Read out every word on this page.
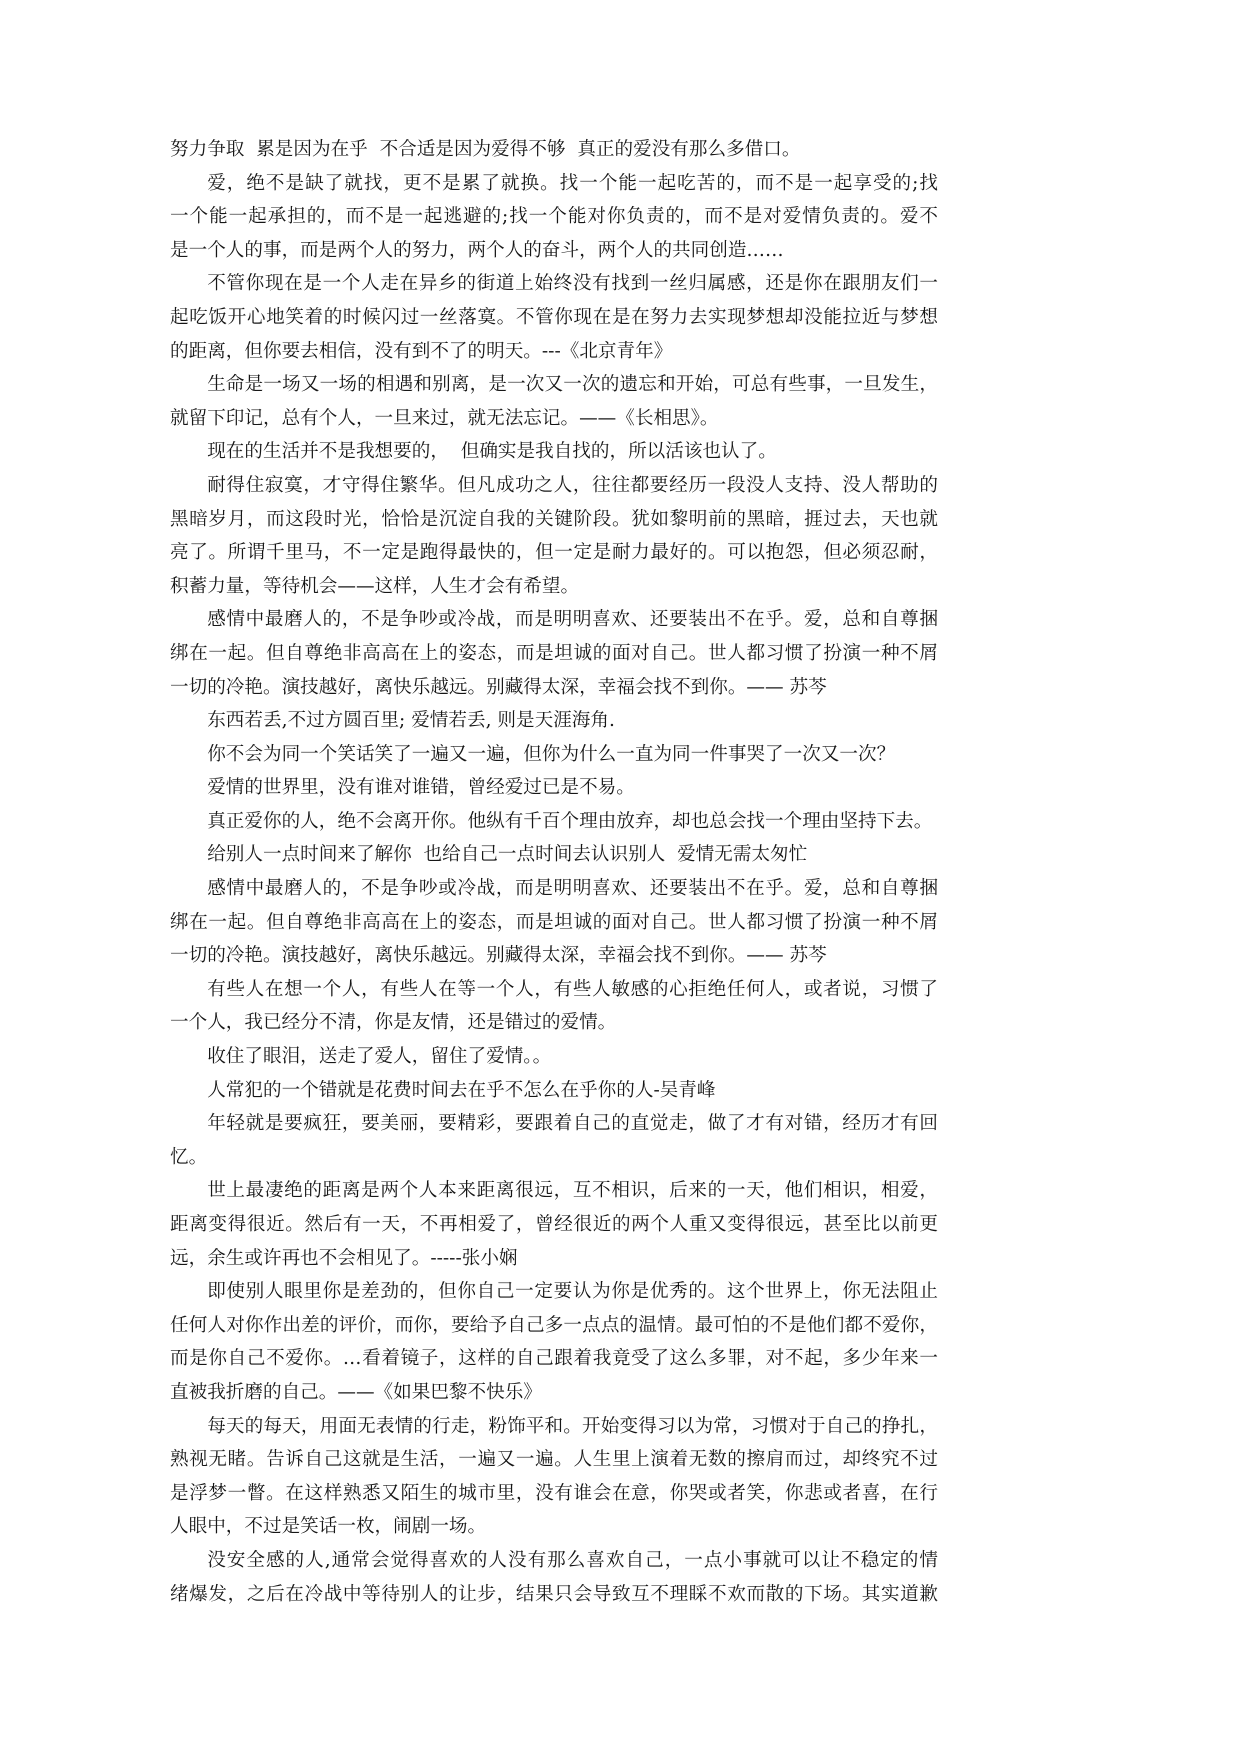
努力争取  累是因为在乎  不合适是因为爱得不够  真正的爱没有那么多借口。
爱，绝不是缺了就找，更不是累了就换。找一个能一起吃苦的，而不是一起享受的;找
一个能一起承担的，而不是一起逃避的;找一个能对你负责的，而不是对爱情负责的。爱不
是一个人的事，而是两个人的努力，两个人的奋斗，两个人的共同创造……
不管你现在是一个人走在异乡的街道上始终没有找到一丝归属感，还是你在跟朋友们一
起吃饭开心地笑着的时候闪过一丝落寞。不管你现在是在努力去实现梦想却没能拉近与梦想
的距离，但你要去相信，没有到不了的明天。---《北京青年》
生命是一场又一场的相遇和别离，是一次又一次的遗忘和开始，可总有些事，一旦发生，
就留下印记，总有个人，一旦来过，就无法忘记。——《长相思》。
现在的生活并不是我想要的，  但确实是我自找的，所以活该也认了。
耐得住寂寞，才守得住繁华。但凡成功之人，往往都要经历一段没人支持、没人帮助的
黑暗岁月，而这段时光，恰恰是沉淀自我的关键阶段。犹如黎明前的黑暗，捱过去，天也就
亮了。所谓千里马，不一定是跑得最快的，但一定是耐力最好的。可以抱怨，但必须忍耐，
积蓄力量，等待机会——这样，人生才会有希望。
感情中最磨人的，不是争吵或冷战，而是明明喜欢、还要装出不在乎。爱，总和自尊捆
绑在一起。但自尊绝非高高在上的姿态，而是坦诚的面对自己。世人都习惯了扮演一种不屑
一切的冷艳。演技越好，离快乐越远。别藏得太深，幸福会找不到你。—— 苏芩
东西若丢,不过方圆百里; 爱情若丢, 则是天涯海角.
你不会为同一个笑话笑了一遍又一遍，但你为什么一直为同一件事哭了一次又一次？
爱情的世界里，没有谁对谁错，曾经爱过已是不易。
真正爱你的人，绝不会离开你。他纵有千百个理由放弃，却也总会找一个理由坚持下去。
给别人一点时间来了解你  也给自己一点时间去认识别人  爱情无需太匆忙
感情中最磨人的，不是争吵或冷战，而是明明喜欢、还要装出不在乎。爱，总和自尊捆
绑在一起。但自尊绝非高高在上的姿态，而是坦诚的面对自己。世人都习惯了扮演一种不屑
一切的冷艳。演技越好，离快乐越远。别藏得太深，幸福会找不到你。—— 苏芩
有些人在想一个人，有些人在等一个人，有些人敏感的心拒绝任何人，或者说，习惯了
一个人，我已经分不清，你是友情，还是错过的爱情。
收住了眼泪，送走了爱人，留住了爱情。。
人常犯的一个错就是花费时间去在乎不怎么在乎你的人-吴青峰
年轻就是要疯狂，要美丽，要精彩，要跟着自己的直觉走，做了才有对错，经历才有回
忆。
世上最凄绝的距离是两个人本来距离很远，互不相识，后来的一天，他们相识，相爱，
距离变得很近。然后有一天，不再相爱了，曾经很近的两个人重又变得很远，甚至比以前更
远，余生或许再也不会相见了。-----张小娴
即使别人眼里你是差劲的，但你自己一定要认为你是优秀的。这个世界上，你无法阻止
任何人对你作出差的评价，而你，要给予自己多一点点的温情。最可怕的不是他们都不爱你，
而是你自己不爱你。…看着镜子，这样的自己跟着我竟受了这么多罪，对不起，多少年来一
直被我折磨的自己。——《如果巴黎不快乐》
每天的每天，用面无表情的行走，粉饰平和。开始变得习以为常，习惯对于自己的挣扎，
熟视无睹。告诉自己这就是生活，一遍又一遍。人生里上演着无数的擦肩而过，却终究不过
是浮梦一瞥。在这样熟悉又陌生的城市里，没有谁会在意，你哭或者笑，你悲或者喜，在行
人眼中，不过是笑话一枚，闹剧一场。
没安全感的人,通常会觉得喜欢的人没有那么喜欢自己，一点小事就可以让不稳定的情
绪爆发，之后在冷战中等待别人的让步，结果只会导致互不理睬不欢而散的下场。其实道歉
